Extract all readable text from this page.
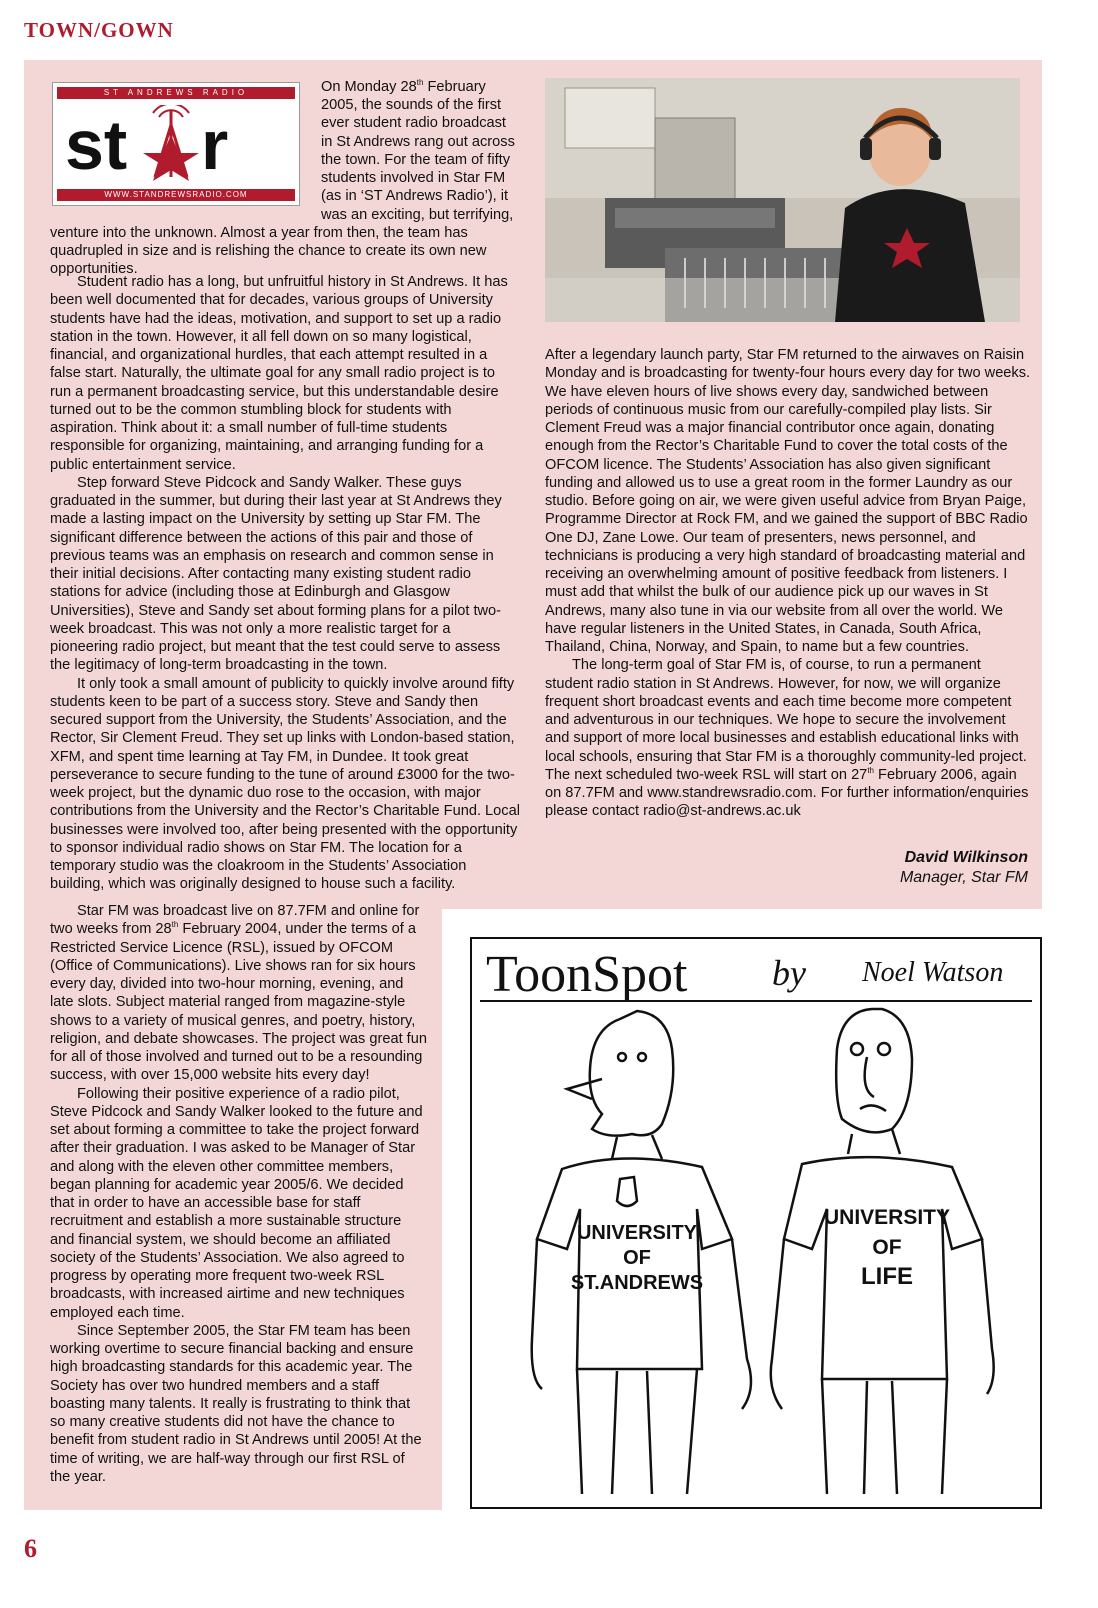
TOWN/GOWN
ST ANDREWS RADIO
st r
WWW.STANDREWSRADIO.COM

On Monday 28th February

2005, the sounds of the first ever student radio broadcast in St Andrews rang out across the town. For the team of fifty students involved in Star FM (as in ‘ST Andrews Radio’), it was an exciting, but terrifying, venture into the unknown. Almost a year from then, the team has quadrupled in size and is relishing the chance to create its own new opportunities.

Student radio has a long, but unfruitful history in St Andrews. It has been well documented that for decades, various groups of University students have had the ideas, motivation, and support to set up a radio station in the town. However, it all fell down on so many logistical, financial, and organizational hurdles, that each attempt resulted in a false start. Naturally, the ultimate goal for any small radio project is to run a permanent broadcasting service, but this understandable desire turned out to be the common stumbling block for students with aspiration. Think about it: a small number of full-time students responsible for organizing, maintaining, and arranging funding for a public entertainment service.

Step forward Steve Pidcock and Sandy Walker. These guys graduated in the summer, but during their last year at St Andrews they made a lasting impact on the University by setting up Star FM. The significant difference between the actions of this pair and those of previous teams was an emphasis on research and common sense in their initial decisions. After contacting many existing student radio stations for advice (including those at Edinburgh and Glasgow Universities), Steve and Sandy set about forming plans for a pilot two-week broadcast. This was not only a more realistic target for a pioneering radio project, but meant that the test could serve to assess the legitimacy of long-term broadcasting in the town.

It only took a small amount of publicity to quickly involve around fifty students keen to be part of a success story. Steve and Sandy then secured support from the University, the Students’ Association, and the Rector, Sir Clement Freud. They set up links with London-based station, XFM, and spent time learning at Tay FM, in Dundee. It took great perseverance to secure funding to the tune of around £3000 for the two-week project, but the dynamic duo rose to the occasion, with major contributions from the University and the Rector’s Charitable Fund. Local businesses were involved too, after being presented with the opportunity to sponsor individual radio shows on Star FM. The location for a temporary studio was the cloakroom in the Students’ Association building, which was originally designed to house such a facility.

Star FM was broadcast live on 87.7FM and online for two weeks from 28th February 2004, under the terms of a Restricted Service Licence (RSL), issued by OFCOM (Office of Communications). Live shows ran for six hours every day, divided into two-hour morning, evening, and late slots. Subject material ranged from magazine-style shows to a variety of musical genres, and poetry, history, religion, and debate showcases. The project was great fun for all of those involved and turned out to be a resounding success, with over 15,000 website hits every day!

Following their positive experience of a radio pilot, Steve Pidcock and Sandy Walker looked to the future and set about forming a committee to take the project forward after their graduation. I was asked to be Manager of Star and along with the eleven other committee members, began planning for academic year 2005/6. We decided that in order to have an accessible base for staff recruitment and establish a more sustainable structure and financial system, we should become an affiliated society of the Students’ Association. We also agreed to progress by operating more frequent two-week RSL broadcasts, with increased airtime and new techniques employed each time.

Since September 2005, the Star FM team has been working overtime to secure financial backing and ensure high broadcasting standards for this academic year. The Society has over two hundred members and a staff boasting many talents. It really is frustrating to think that so many creative students did not have the chance to benefit from student radio in St Andrews until 2005! At the time of writing, we are half-way through our first RSL of the year.

After a legendary launch party, Star FM returned to the airwaves on Raisin Monday and is broadcasting for twenty-four hours every day for two weeks. We have eleven hours of live shows every day, sandwiched between periods of continuous music from our carefully-compiled play lists. Sir Clement Freud was a major financial contributor once again, donating enough from the Rector’s Charitable Fund to cover the total costs of the OFCOM licence. The Students’ Association has also given significant funding and allowed us to use a great room in the former Laundry as our studio. Before going on air, we were given useful advice from Bryan Paige, Programme Director at Rock FM, and we gained the support of BBC Radio One DJ, Zane Lowe. Our team of presenters, news personnel, and technicians is producing a very high standard of broadcasting material and receiving an overwhelming amount of positive feedback from listeners. I must add that whilst the bulk of our audience pick up our waves in St Andrews, many also tune in via our website from all over the world. We have regular listeners in the United States, in Canada, South Africa, Thailand, China, Norway, and Spain, to name but a few countries.

The long-term goal of Star FM is, of course, to run a permanent student radio station in St Andrews. However, for now, we will organize frequent short broadcast events and each time become more competent and adventurous in our techniques. We hope to secure the involvement and support of more local businesses and establish educational links with local schools, ensuring that Star FM is a thoroughly community-led project. The next scheduled two-week RSL will start on 27th February 2006, again on 87.7FM and www.standrewsradio.com. For further information/enquiries please contact radio@st-andrews.ac.uk

David Wilkinson
Manager, Star FM
ToonSpot by Noel Watson
UNIVERSITY
OF
ST.ANDREWS
UNIVERSITY
OF
LIFE
6
